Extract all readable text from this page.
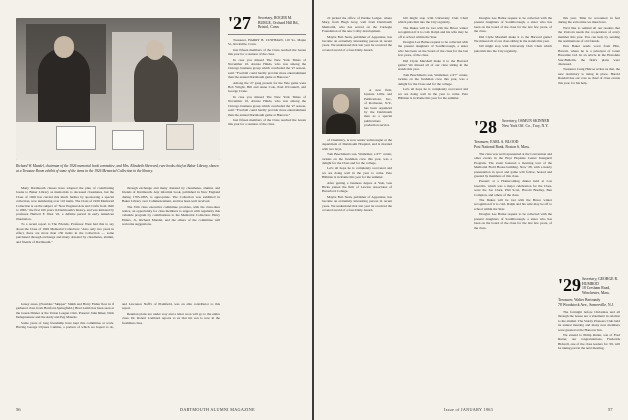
Richard W. Mandel, chairman of the 1926 memorial book committee, and Mrs. Elizabeth Sherrard, rare books chief at Baker Library, shown at a Treasure Room exhibit of some of the items in the 1926 Memorial Collection in the library.

Many Dartmouth classes have adopted the plan of contributing books to Baker Library as memorials to deceased classmates, but the Class of 1926 has carried this much further by sponsoring a special collection, now numbering over 110 items. The Class of 1926 Memorial Collection is on the subject of "New England Arts and Crafts from 1620 to 1865," the first 100 years in Dartmouth's history, and was initiated by professor Herbert F. West '22, a definite period in early American illustration.

To a recent report to The Friends, Professor West had this to say about the Class of 1926 Memorial Collection: "Also only two years in effect, there are more than 150 items in the Collection — some purchased through exchange and many donated by classmates, alumni, and friends of Dartmouth."

through exchange and many donated by classmates, alumni, and friends of Dartmouth. Any informal book, published in New England during 1765-1865, is appropriate. The Collection was exhibited in Baker Library over Commencement, and has been well received.

The 35th class executive committee provides, with the class-dues notice, an opportunity for class members to support with regularity this valuable program by contributions to the Memorial Collection. Harry Ehlers, Jr., Richard Mandel, and the others of the committee will welcome suggestions.

Jersey areas. (Notables "Skipper" Smith and Harry Fisher flew in if gathered class from Hartford-Springfield.) Brad Lamb has been seen at the Green Dinner at the Union League Club. Present: John Riker, Dick Delagruenzee and the Andy and Peg Mauzés.

Some years of long friendship have kept this committee at work. Having George Ulysses Cumins, a portion of which we hoped to do, and Lawrence Neff's of Plainfield, was an able contributor to this report.

Reunion plans are under way and a letter soon will go to the entire class. Dr. Robert Lombard reports to us that his son is now in the freshman class.

'27 Secretary, ROGER M. BURGE, Orchard Hill Rd., Bristol, Conn.

Treasurer, HARRY B. CUSHMAN, 110 So. Maple St., Rockville, Conn.

Just fifteen members of the Class reached the Green this year for a reunion of the class.

In case you missed The New York Times of November 10, Alonzo Hinds, who was among the Chicago business group which concluded the '27 season, said: "Football could hardly provide more entertainment than the annual Dartmouth game at Hanover."

Among the '27 gang present for the Yale game were Bob Wright, Bill and Anne Cole, Paul O'Connell, and George Crane.

In case you missed The New York Times of November 10, Alonzo Hinds, who was among the Chicago business group which concluded the '27 season, said: "Football could hardly provide more entertainment than the annual Dartmouth game at Hanover."

Just fifteen members of the Class reached the Green this year for a reunion of the class.

56	DARTMOUTH ALUMNI MAGAZINE

cil picked the office of Purdue Ledger, where Mary, from Hugh Gray, well from Dartmouth Memorial, who has served on the Carnegie Foundation of the new Colby development.

Maybe Bob Stein, publisher of Apparatus, has become an extremely interesting person in recent years. We understand that last year he received the coveted award of a four-Daily Award.

A new firm, Upstate Lillie and Publications, Inc., of Rochester, N.Y., has been organized by the Dartmouth men as a special publications production service.

of Chemistry, is now senior technologist at the department of Dartmouth Hospital, and is married with two boys.

Tom Beechman's son, Waldemar, a 6'7" center, tackles on the freshman crew this year, was a delight for the Class and for the college.

Let's all hope he is completely recovered and we are doing well in the year to come. Pete Hillman is in Rome this year for the summer.

After getting a business degree at Yale, Gus Hicks joined the firm of Lawton Associates of Haverford College.

Maybe Bob Stein, publisher of Apparatus, has become an extremely interesting person in recent years. We understand that last year he received the coveted award of a four-Daily Award.

bill might stop with University Club Chair which puts him into the City regularly.

The Dukes will be lost with the Bruce winter recognition if it is cold. Ralph and his wife may be off to school within the Year.

Douglas Lee Balise request to be collected with the present daughters of Southborough, a sister who has been on the board of the class for the last few years, of the class.

Did Clyde Marshall make it to the Harvard game? We missed all of our class sitting in the stands this year.

Tom Beechman's son, Waldemar, a 6'7" center, tackles on the freshman crew this year, was a delight for the Class and for the college.

Let's all hope he is completely recovered and we are doing well in the year to come. Pete Hillman is in Rome this year for the summer.

'28 Secretary, OSMUN SKINNER
New York Off. Co., Troy, N.Y.
Treasurer, EARL A. BLOOD
Post National Bank, Boston 6, Mass.

Douglas Lee Balise request to be collected with the present daughters of Southborough, a sister who has been on the board of the class for the last few years, of the class.

Did Clyde Marshall make it to the Harvard game? We missed all of our class sitting in the stands this year.

bill might stop with University Club Chair which puts him into the City regularly.

The class was well represented at the Convention and other events in the Hoyt Hopkins Center Inaugural Program. The event featured a morning tour of the Memorial Field House building. Now '28, with a hearty presentation in sport and game will follow, hosted and greeted by members of this class.

Present: at a Homecoming dinner held at Lou Guerin's, which was a major celebration for the Class, were the Joe Clark, Phil Scott, Harold Bradley, Ben Compton, and others of the class.

The Dukes will be lost with the Bruce winter recognition if it is cold. Ralph and his wife may be off to school within the Year.

Douglas Lee Balise request to be collected with the present daughters of Southborough, a sister who has been on the board of the class for the last few years, of the class.

this year. Time be recounted in feel during the extra time we must have.

We'd like to remind all our readers that the Unicorn needs the cooperation of every member this year. You can help by sending the nominations of old friends.

Don Baker sends word from Hilo, Hawaii, where he is a principal of Grant Hawaiian Ltd. In an article in the Honolulu Star-Bulletin, the firm's plans were discussed.

Treasurer Cruig Hulcoe writes us that, the new dormitory is rising in place. Harold Randall has our vote as chief of class events this year, for his help.

'29 Secretary, GEORGE R. HUMROD
18 Cresham Road, Winchester, Mass.
Treasurer, Walter Bertrandy
78 Woodstock Ave., Somerville, N.J.

The fortnight before Christmas and all through the house are a statement in relation to the alumni. The Sturdy Pioneers Club held its annual meeting and many new members were greeted at the Hanover Inn.

We extend to Philip Rutter, son of Fred Rutter, our congratulations. Frederick Bidwell, one of the class leaders for '29, will be taking part in the next meeting.

Issue of JANUARY 1963	57
